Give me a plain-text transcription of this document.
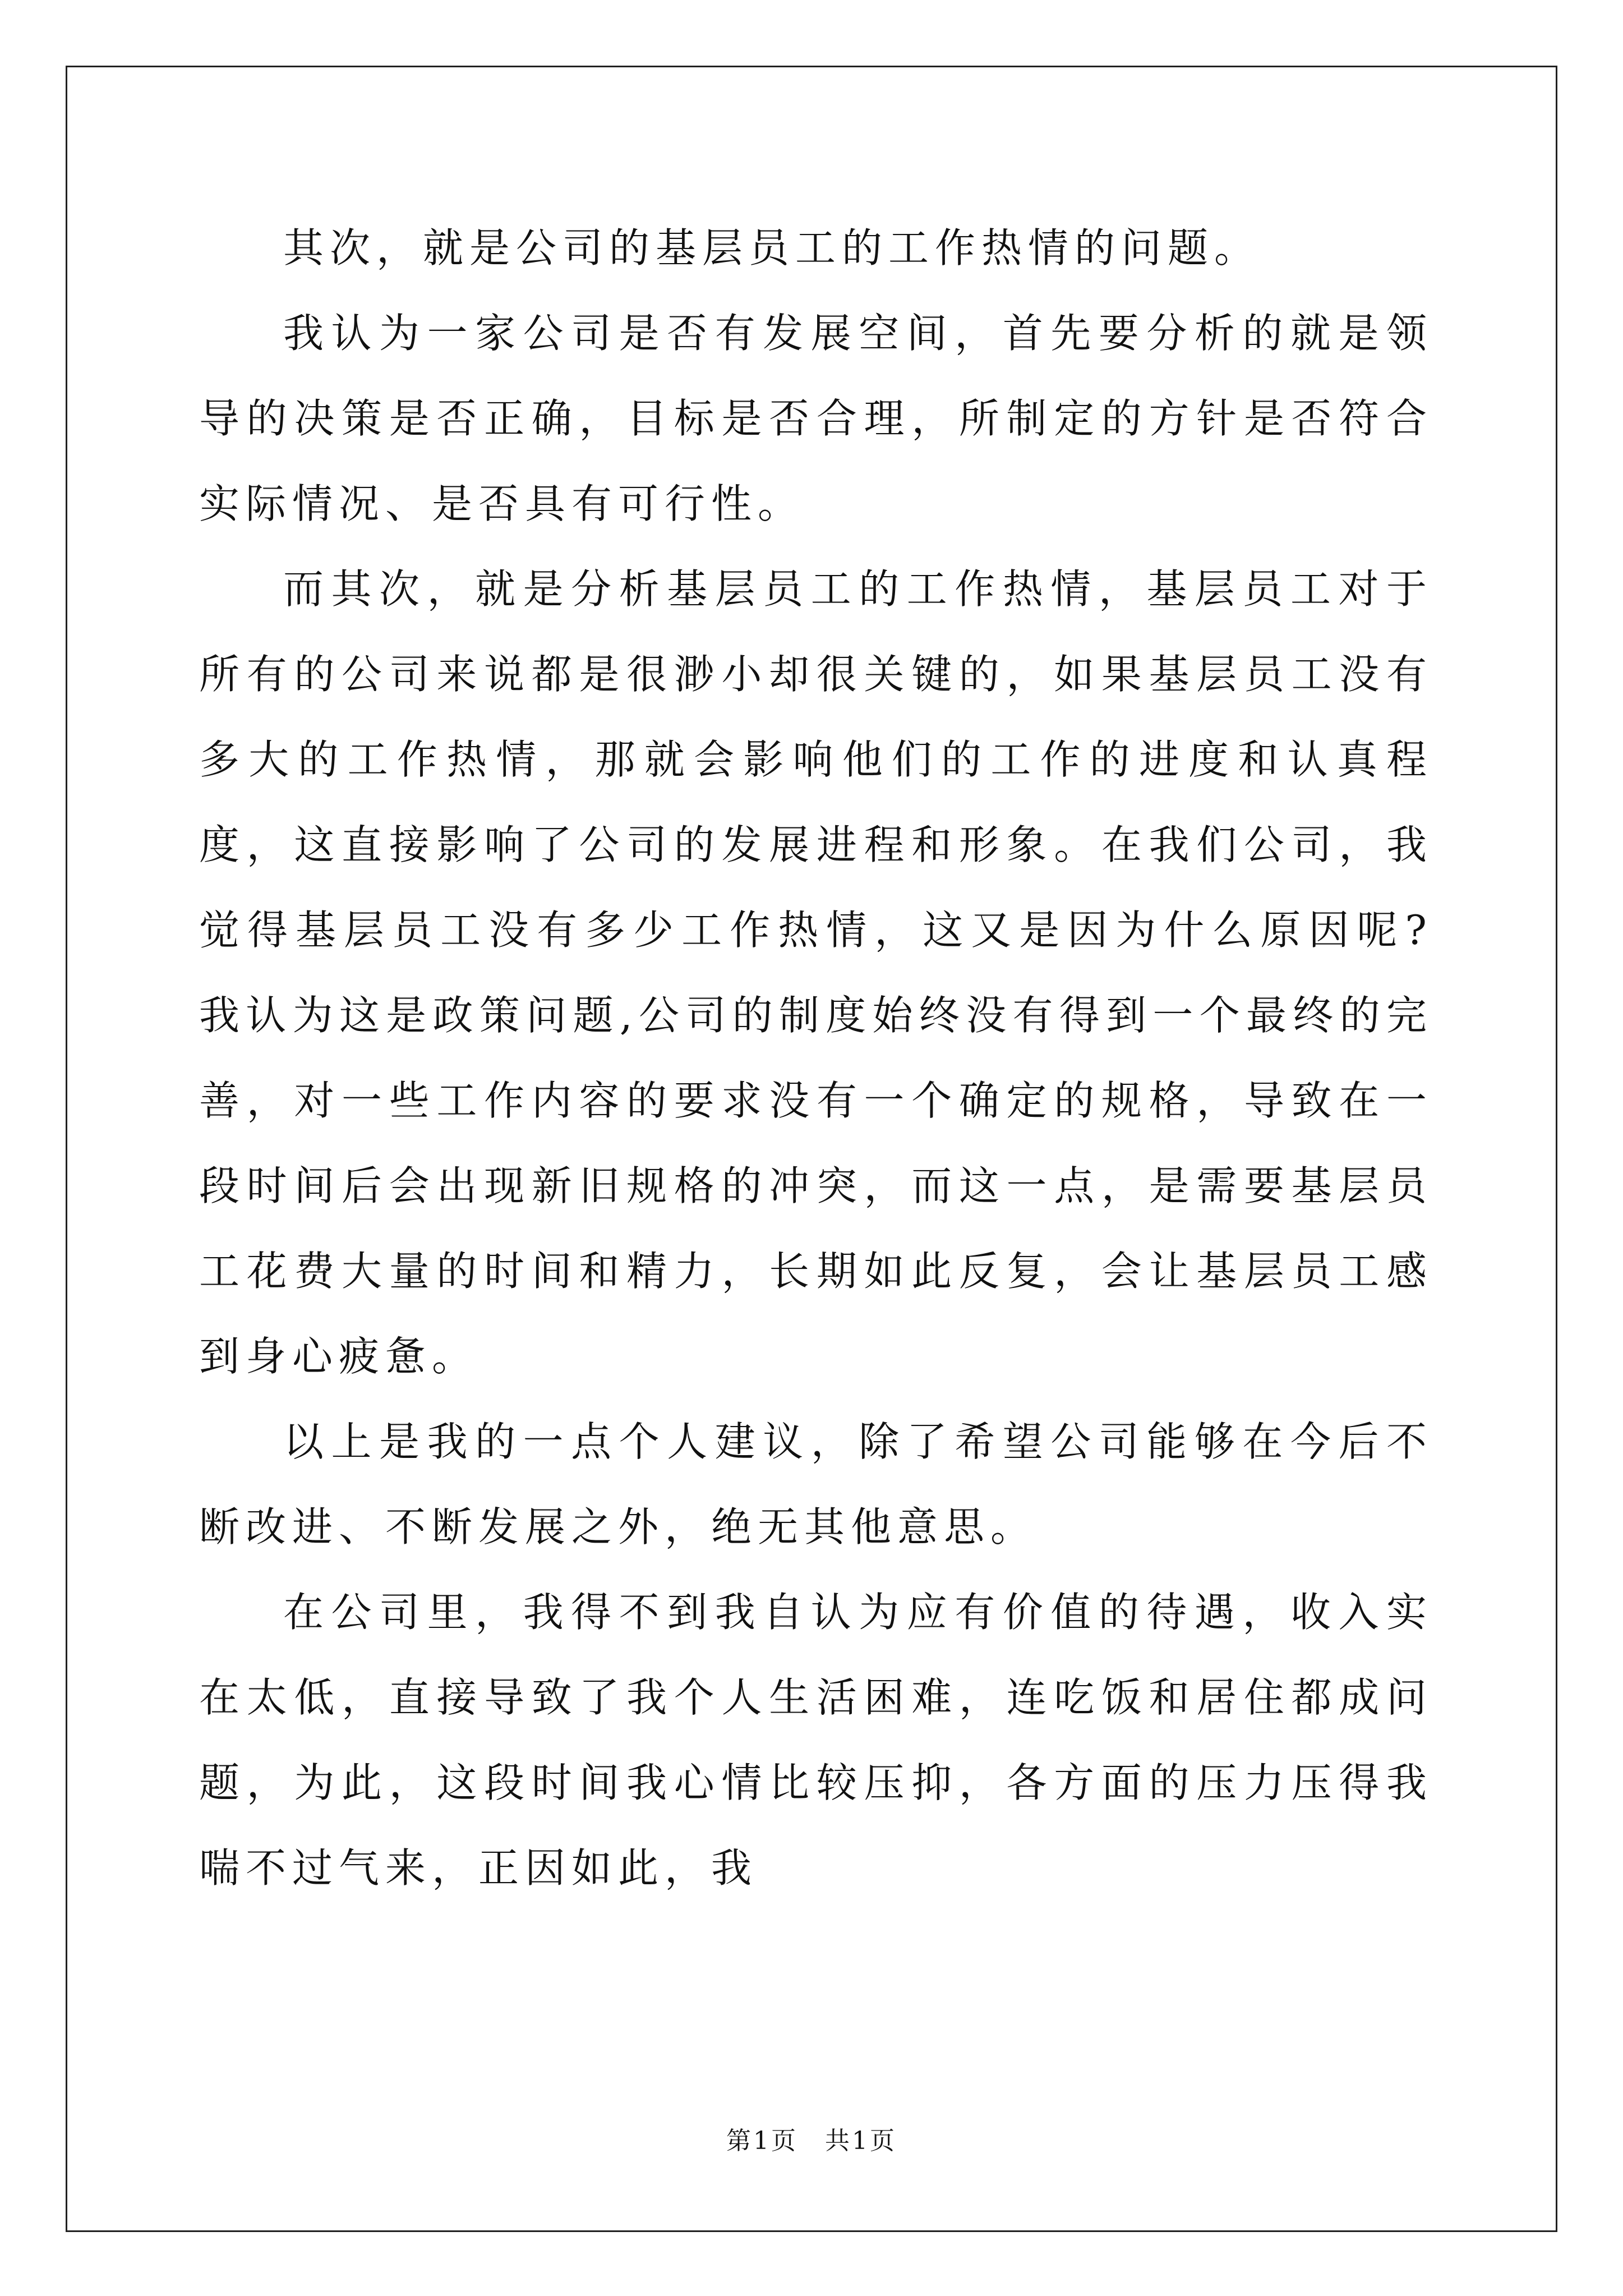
其次，就是公司的基层员工的工作热情的问题。

我认为一家公司是否有发展空间，首先要分析的就是领导的决策是否正确，目标是否合理，所制定的方针是否符合实际情况、是否具有可行性。

而其次，就是分析基层员工的工作热情，基层员工对于所有的公司来说都是很渺小却很关键的，如果基层员工没有多大的工作热情，那就会影响他们的工作的进度和认真程度，这直接影响了公司的发展进程和形象。在我们公司，我觉得基层员工没有多少工作热情，这又是因为什么原因呢?我认为这是政策问题,公司的制度始终没有得到一个最终的完善，对一些工作内容的要求没有一个确定的规格，导致在一段时间后会出现新旧规格的冲突，而这一点，是需要基层员工花费大量的时间和精力，长期如此反复，会让基层员工感到身心疲惫。

以上是我的一点个人建议，除了希望公司能够在今后不断改进、不断发展之外，绝无其他意思。

在公司里，我得不到我自认为应有价值的待遇，收入实在太低，直接导致了我个人生活困难，连吃饭和居住都成问题，为此，这段时间我心情比较压抑，各方面的压力压得我喘不过气来，正因如此，我

第1页　共1页
